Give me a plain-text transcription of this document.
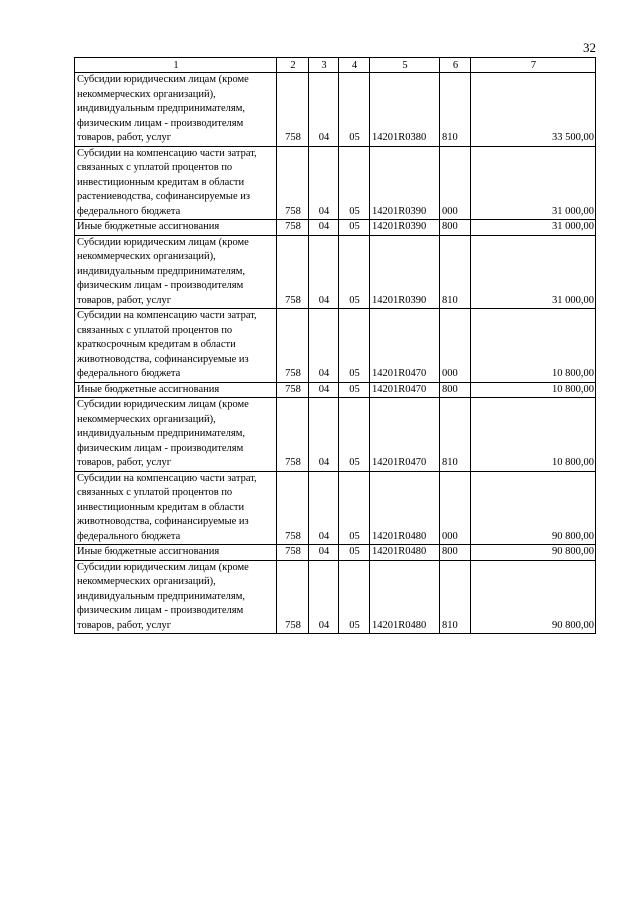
32
1	2	3	4	5	6	7
Субсидии юридическим лицам (кроме некоммерческих организаций), индивидуальным предпринимателям, физическим лицам - производителям товаров, работ, услуг	758	04	05	14201R0380	810	33 500,00
Субсидии на компенсацию части затрат, связанных с уплатой процентов по инвестиционным кредитам в области растениеводства, софинансируемые из федерального бюджета	758	04	05	14201R0390	000	31 000,00
Иные бюджетные ассигнования	758	04	05	14201R0390	800	31 000,00
Субсидии юридическим лицам (кроме некоммерческих организаций), индивидуальным предпринимателям, физическим лицам - производителям товаров, работ, услуг	758	04	05	14201R0390	810	31 000,00
Субсидии на компенсацию части затрат, связанных с уплатой процентов по краткосрочным кредитам в области животноводства, софинансируемые из федерального бюджета	758	04	05	14201R0470	000	10 800,00
Иные бюджетные ассигнования	758	04	05	14201R0470	800	10 800,00
Субсидии юридическим лицам (кроме некоммерческих организаций), индивидуальным предпринимателям, физическим лицам - производителям товаров, работ, услуг	758	04	05	14201R0470	810	10 800,00
Субсидии на компенсацию части затрат, связанных с уплатой процентов по инвестиционным кредитам в области животноводства, софинансируемые из федерального бюджета	758	04	05	14201R0480	000	90 800,00
Иные бюджетные ассигнования	758	04	05	14201R0480	800	90 800,00
Субсидии юридическим лицам (кроме некоммерческих организаций), индивидуальным предпринимателям, физическим лицам - производителям товаров, работ, услуг	758	04	05	14201R0480	810	90 800,00
